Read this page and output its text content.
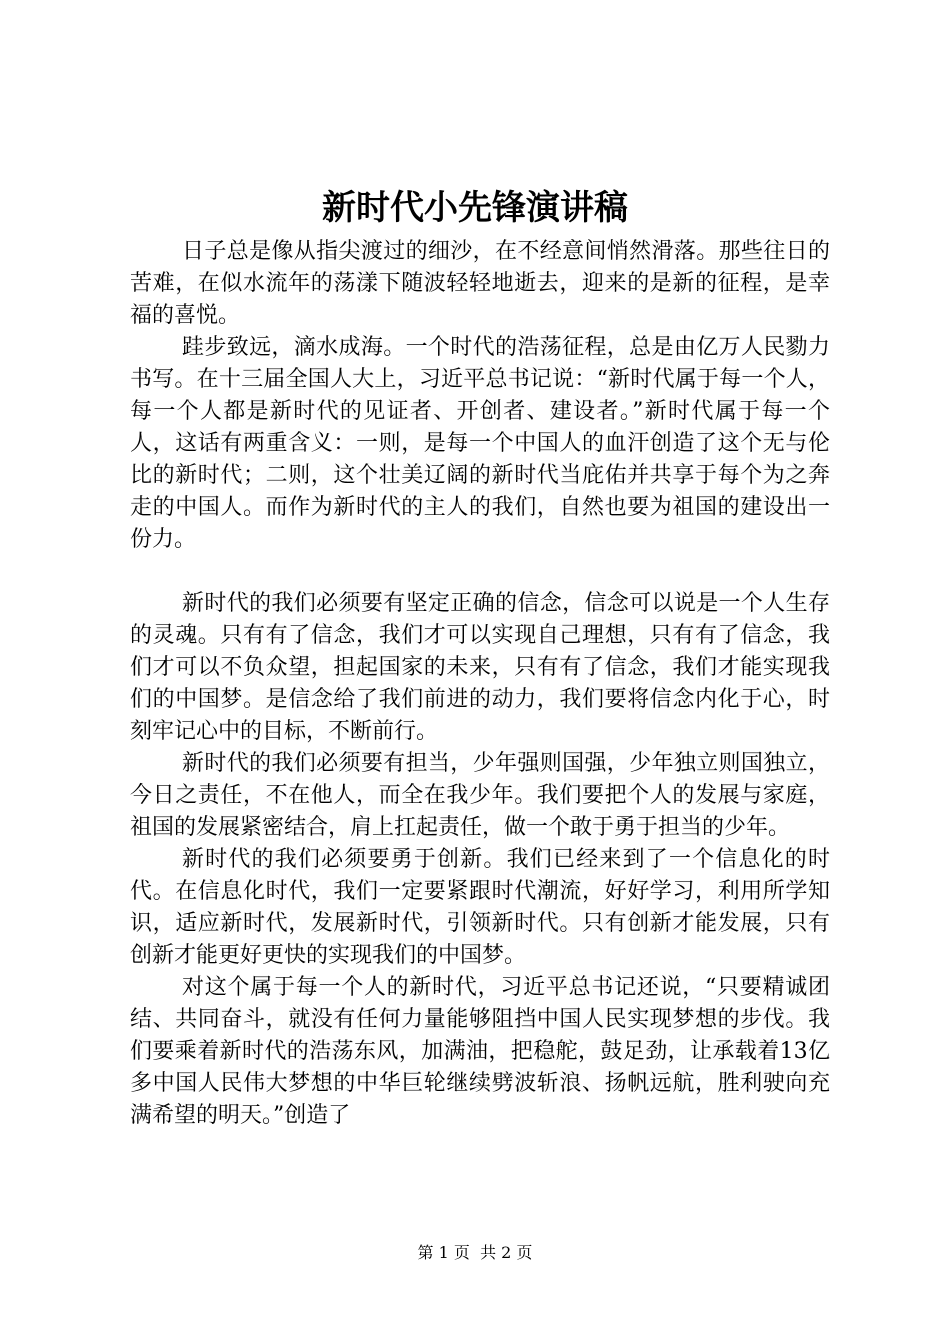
新时代小先锋演讲稿

日子总是像从指尖渡过的细沙，在不经意间悄然滑落。那些往日的苦难，在似水流年的荡漾下随波轻轻地逝去，迎来的是新的征程，是幸福的喜悦。

跬步致远，滴水成海。一个时代的浩荡征程，总是由亿万人民勠力书写。在十三届全国人大上，习近平总书记说：“新时代属于每一个人，每一个人都是新时代的见证者、开创者、建设者。”新时代属于每一个人，这话有两重含义：一则，是每一个中国人的血汗创造了这个无与伦比的新时代；二则，这个壮美辽阔的新时代当庇佑并共享于每个为之奔走的中国人。而作为新时代的主人的我们，自然也要为祖国的建设出一份力。

新时代的我们必须要有坚定正确的信念，信念可以说是一个人生存的灵魂。只有有了信念，我们才可以实现自己理想，只有有了信念，我们才可以不负众望，担起国家的未来，只有有了信念，我们才能实现我们的中国梦。是信念给了我们前进的动力，我们要将信念内化于心，时刻牢记心中的目标，不断前行。

新时代的我们必须要有担当，少年强则国强，少年独立则国独立，今日之责任，不在他人，而全在我少年。我们要把个人的发展与家庭，祖国的发展紧密结合，肩上扛起责任，做一个敢于勇于担当的少年。

新时代的我们必须要勇于创新。我们已经来到了一个信息化的时代。在信息化时代，我们一定要紧跟时代潮流，好好学习，利用所学知识，适应新时代，发展新时代，引领新时代。只有创新才能发展，只有创新才能更好更快的实现我们的中国梦。

对这个属于每一个人的新时代，习近平总书记还说，“只要精诚团结、共同奋斗，就没有任何力量能够阻挡中国人民实现梦想的步伐。我们要乘着新时代的浩荡东风，加满油，把稳舵，鼓足劲，让承载着13亿多中国人民伟大梦想的中华巨轮继续劈波斩浪、扬帆远航，胜利驶向充满希望的明天。”创造了

第 1 页 共 2 页
